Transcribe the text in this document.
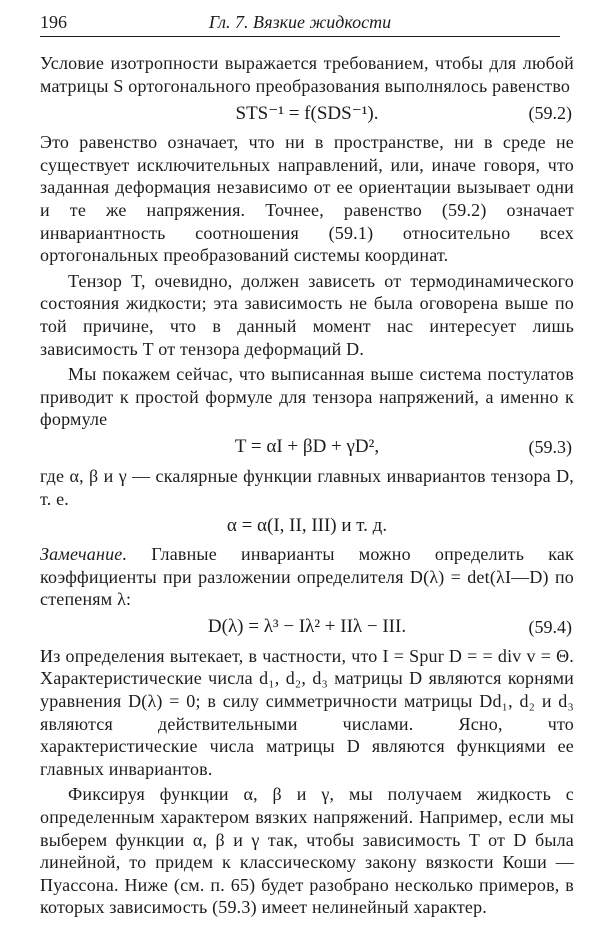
196	Гл. 7. Вязкие жидкости

Условие изотропности выражается требованием, чтобы для любой матрицы S ортогонального преобразования выполнялось равенство

STS⁻¹ = f(SDS⁻¹).	(59.2)

Это равенство означает, что ни в пространстве, ни в среде не существует исключительных направлений, или, иначе говоря, что заданная деформация независимо от ее ориентации вызывает одни и те же напряжения. Точнее, равенство (59.2) означает инвариантность соотношения (59.1) относительно всех ортогональных преобразований системы координат.

Тензор T, очевидно, должен зависеть от термодинамического состояния жидкости; эта зависимость не была оговорена выше по той причине, что в данный момент нас интересует лишь зависимость T от тензора деформаций D.

Мы покажем сейчас, что выписанная выше система постулатов приводит к простой формуле для тензора напряжений, а именно к формуле

T = αI + βD + γD²,	(59.3)

где α, β и γ — скалярные функции главных инвариантов тензора D, т. е.

α = α(I, II, III) и т. д.

Замечание. Главные инварианты можно определить как коэффициенты при разложении определителя D(λ) = det(λI—D) по степеням λ:

D(λ) = λ³ − Iλ² + IIλ − III.	(59.4)

Из определения вытекает, в частности, что I = Spur D = = div v = Θ. Характеристические числа d₁, d₂, d₃ матрицы D являются корнями уравнения D(λ) = 0; в силу симметричности матрицы Dd₁, d₂ и d₃ являются действительными числами. Ясно, что характеристические числа матрицы D являются функциями ее главных инвариантов.

Фиксируя функции α, β и γ, мы получаем жидкость с определенным характером вязких напряжений. Например, если мы выберем функции α, β и γ так, чтобы зависимость T от D была линейной, то придем к классическому закону вязкости Коши — Пуассона. Ниже (см. п. 65) будет разобрано несколько примеров, в которых зависимость (59.3) имеет нелинейный характер.
